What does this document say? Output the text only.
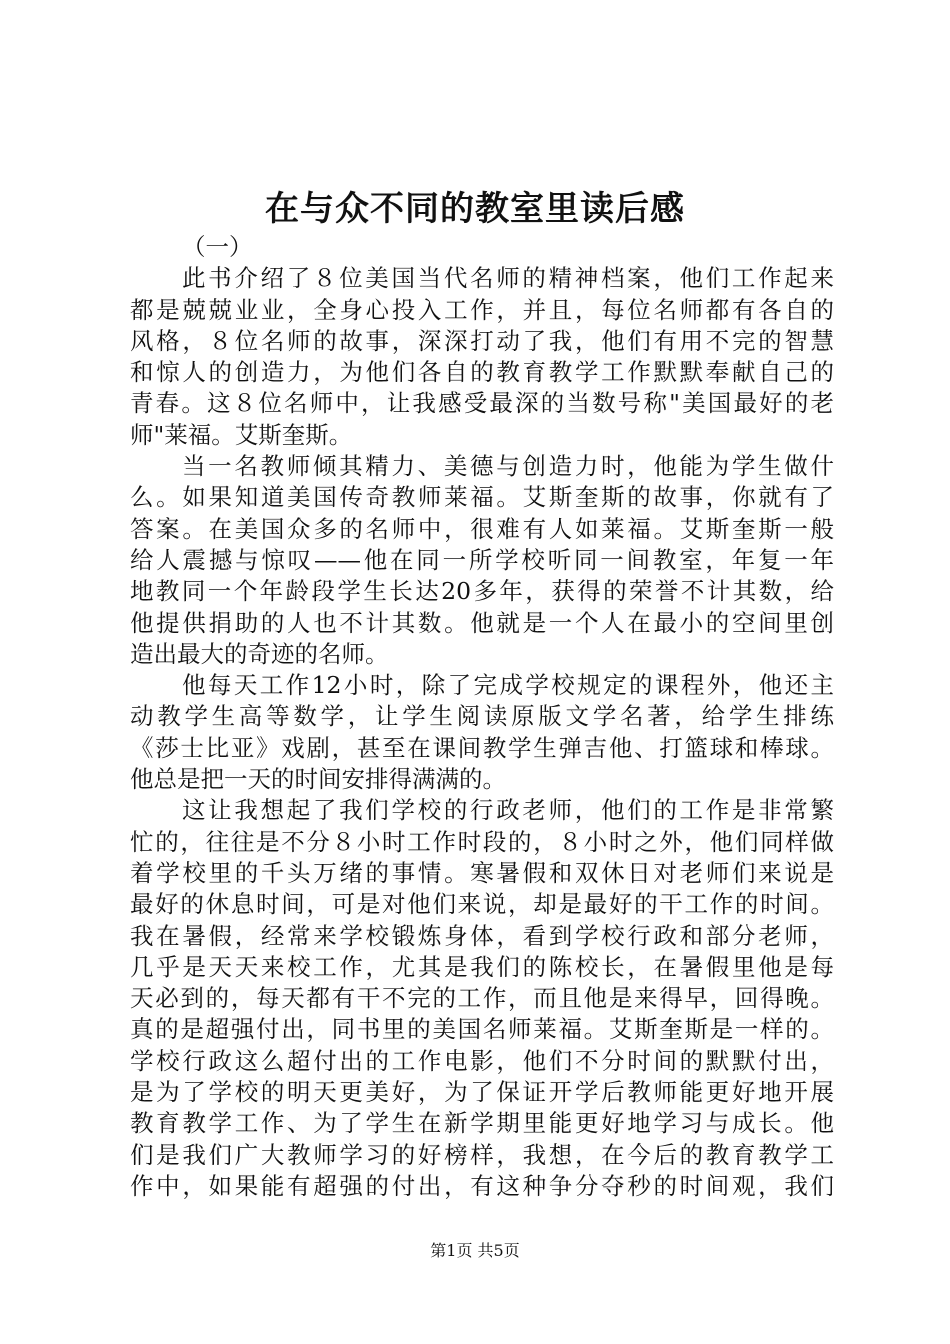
在与众不同的教室里读后感
（一）
此书介绍了８位美国当代名师的精神档案，他们工作起来
都是兢兢业业，全身心投入工作，并且，每位名师都有各自的
风格，８位名师的故事，深深打动了我，他们有用不完的智慧
和惊人的创造力，为他们各自的教育教学工作默默奉献自己的
青春。这８位名师中，让我感受最深的当数号称"美国最好的老
师"莱福。艾斯奎斯。
当一名教师倾其精力、美德与创造力时，他能为学生做什
么。如果知道美国传奇教师莱福。艾斯奎斯的故事，你就有了
答案。在美国众多的名师中，很难有人如莱福。艾斯奎斯一般
给人震撼与惊叹——他在同一所学校听同一间教室，年复一年
地教同一个年龄段学生长达20多年，获得的荣誉不计其数，给
他提供捐助的人也不计其数。他就是一个人在最小的空间里创
造出最大的奇迹的名师。
他每天工作12小时，除了完成学校规定的课程外，他还主
动教学生高等数学，让学生阅读原版文学名著，给学生排练
《莎士比亚》戏剧，甚至在课间教学生弹吉他、打篮球和棒球。
他总是把一天的时间安排得满满的。
这让我想起了我们学校的行政老师，他们的工作是非常繁
忙的，往往是不分８小时工作时段的，８小时之外，他们同样做
着学校里的千头万绪的事情。寒暑假和双休日对老师们来说是
最好的休息时间，可是对他们来说，却是最好的干工作的时间。
我在暑假，经常来学校锻炼身体，看到学校行政和部分老师，
几乎是天天来校工作，尤其是我们的陈校长，在暑假里他是每
天必到的，每天都有干不完的工作，而且他是来得早，回得晚。
真的是超强付出，同书里的美国名师莱福。艾斯奎斯是一样的。
学校行政这么超付出的工作电影，他们不分时间的默默付出，
是为了学校的明天更美好，为了保证开学后教师能更好地开展
教育教学工作、为了学生在新学期里能更好地学习与成长。他
们是我们广大教师学习的好榜样，我想，在今后的教育教学工
作中，如果能有超强的付出，有这种争分夺秒的时间观，我们
第1页 共5页
